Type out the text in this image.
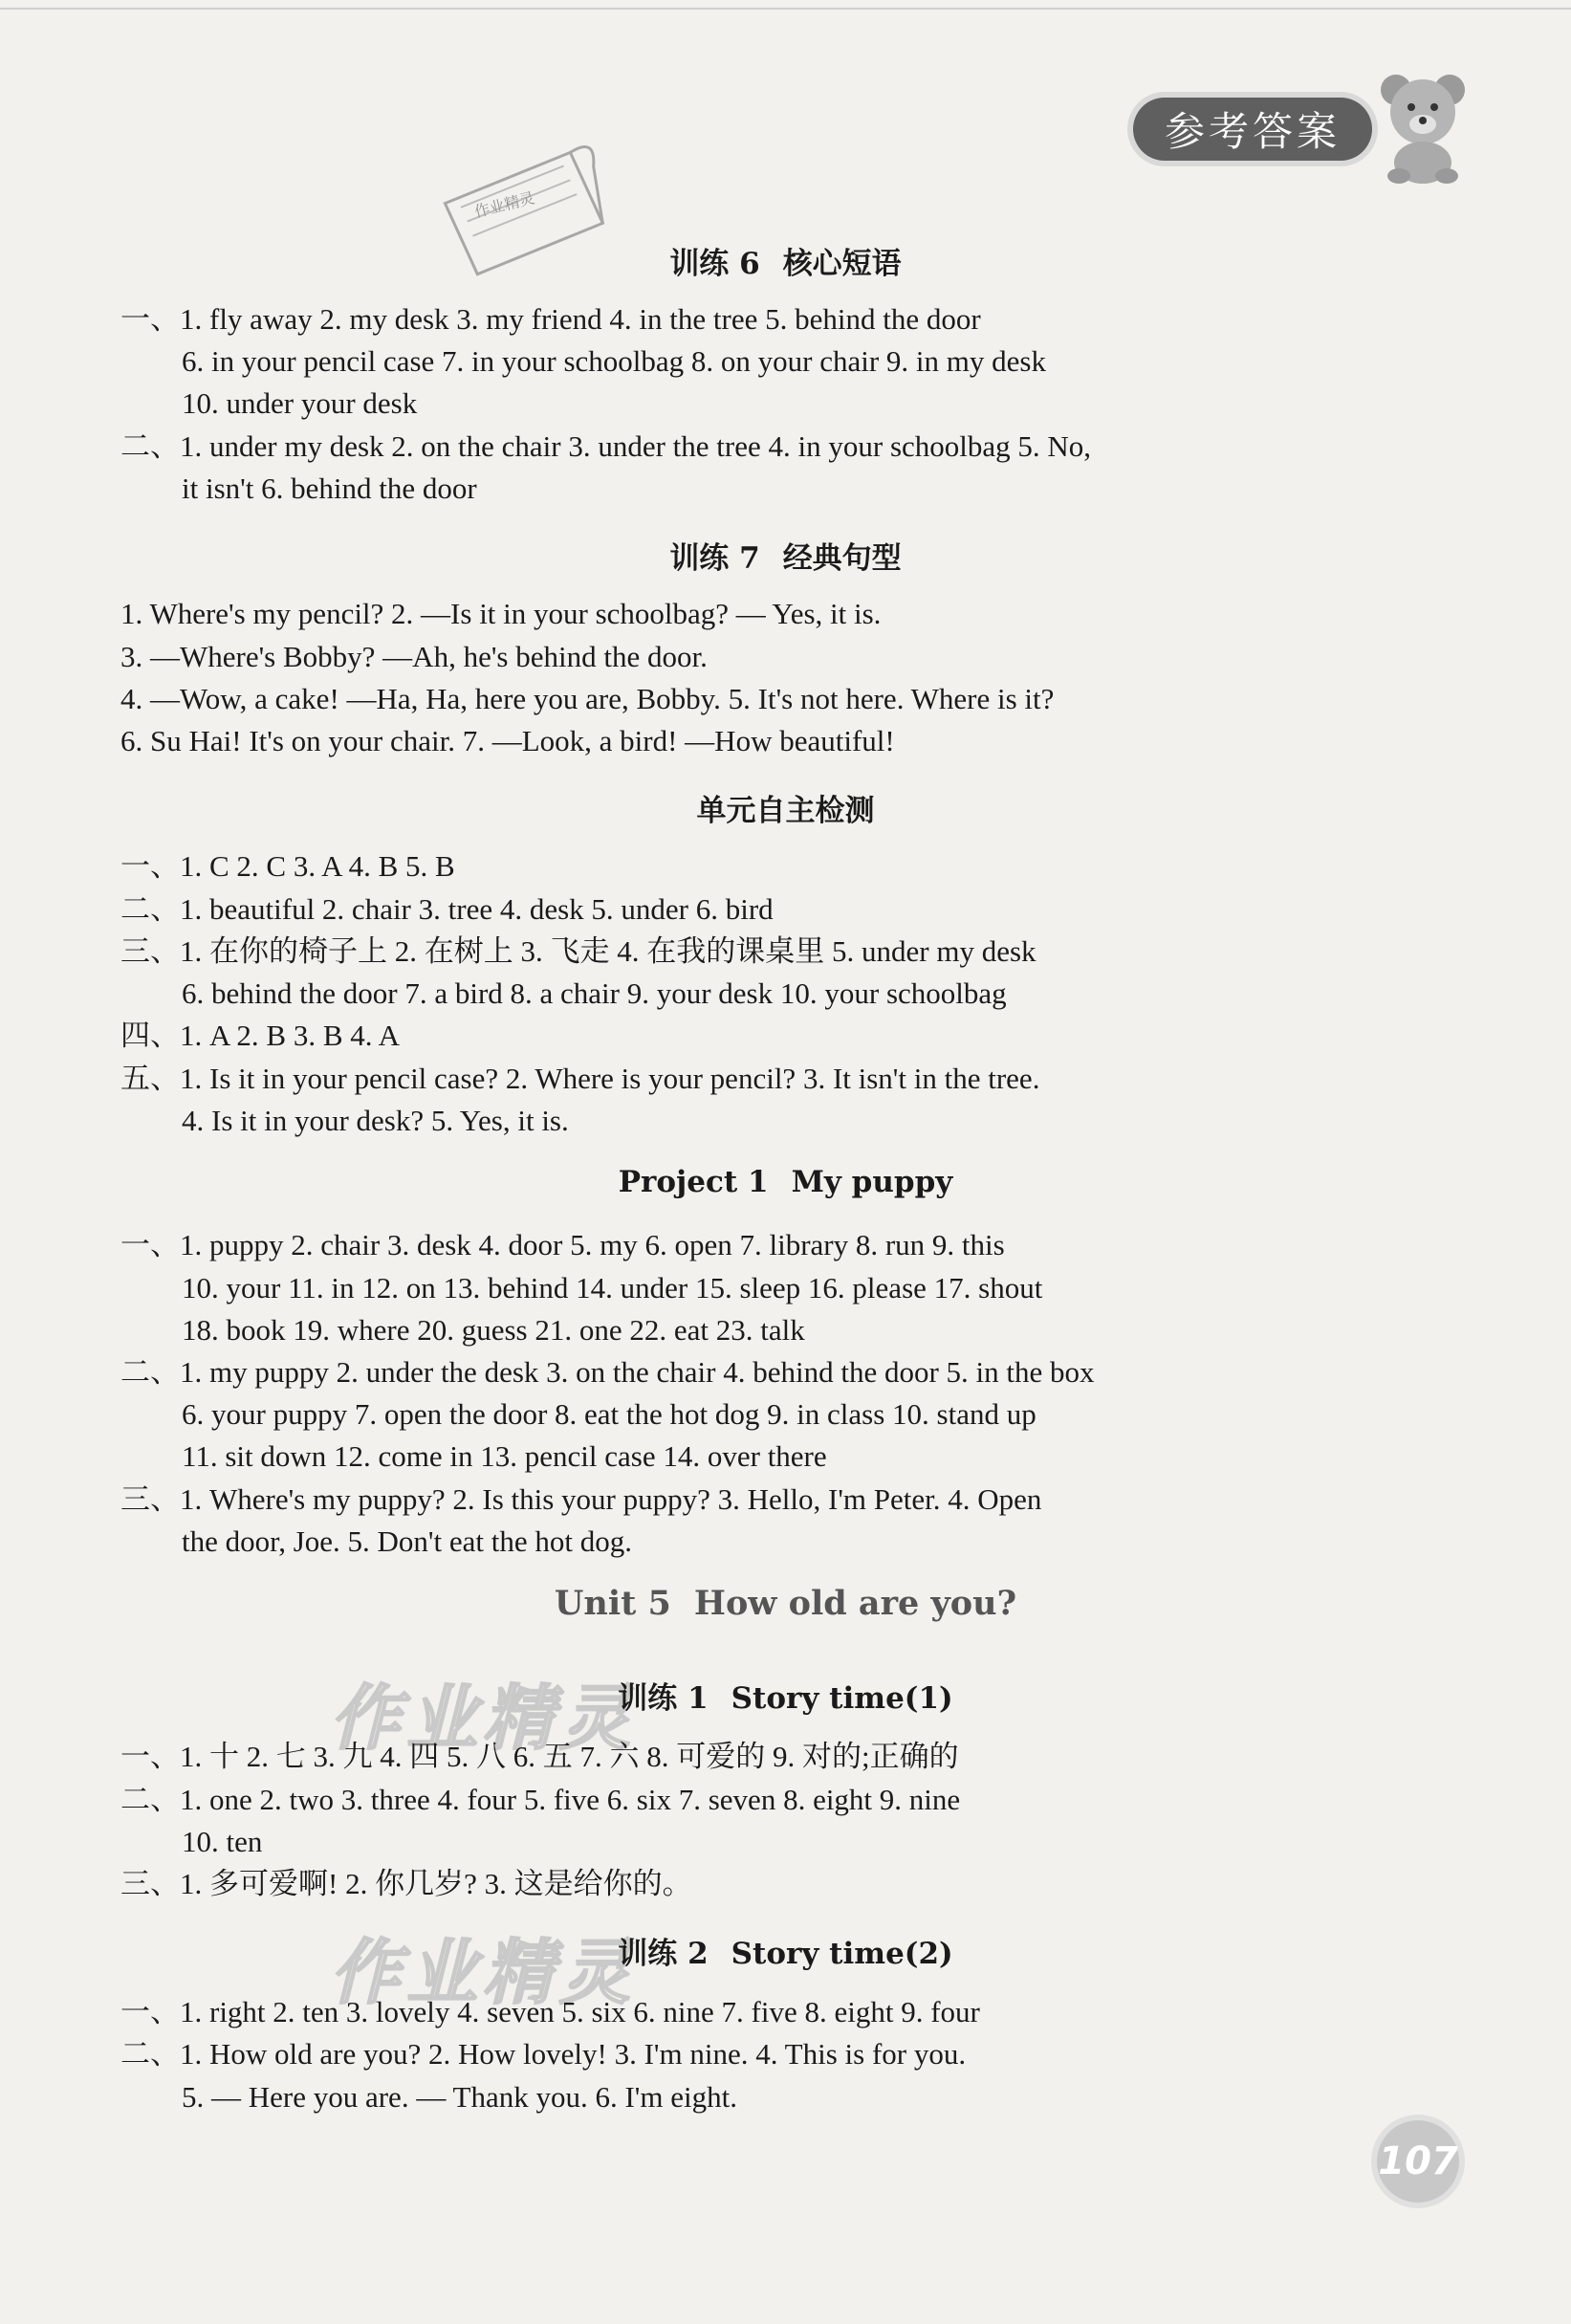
参考答案
作业精灵
作业精灵
作业精灵
训练 6 核心短语
一、1. fly away 2. my desk 3. my friend 4. in the tree 5. behind the door
6. in your pencil case 7. in your schoolbag 8. on your chair 9. in my desk
10. under your desk
二、1. under my desk 2. on the chair 3. under the tree 4. in your schoolbag 5. No,
it isn't 6. behind the door
训练 7 经典句型
1. Where's my pencil? 2. —Is it in your schoolbag? — Yes, it is.
3. —Where's Bobby? —Ah, he's behind the door.
4. —Wow, a cake! —Ha, Ha, here you are, Bobby. 5. It's not here. Where is it?
6. Su Hai! It's on your chair. 7. —Look, a bird! —How beautiful!
单元自主检测
一、1. C 2. C 3. A 4. B 5. B
二、1. beautiful 2. chair 3. tree 4. desk 5. under 6. bird
三、1. 在你的椅子上 2. 在树上 3. 飞走 4. 在我的课桌里 5. under my desk
6. behind the door 7. a bird 8. a chair 9. your desk 10. your schoolbag
四、1. A 2. B 3. B 4. A
五、1. Is it in your pencil case? 2. Where is your pencil? 3. It isn't in the tree.
4. Is it in your desk? 5. Yes, it is.
Project 1 My puppy
一、1. puppy 2. chair 3. desk 4. door 5. my 6. open 7. library 8. run 9. this
10. your 11. in 12. on 13. behind 14. under 15. sleep 16. please 17. shout
18. book 19. where 20. guess 21. one 22. eat 23. talk
二、1. my puppy 2. under the desk 3. on the chair 4. behind the door 5. in the box
6. your puppy 7. open the door 8. eat the hot dog 9. in class 10. stand up
11. sit down 12. come in 13. pencil case 14. over there
三、1. Where's my puppy? 2. Is this your puppy? 3. Hello, I'm Peter. 4. Open
the door, Joe. 5. Don't eat the hot dog.
Unit 5 How old are you?
训练 1 Story time(1)
一、1. 十 2. 七 3. 九 4. 四 5. 八 6. 五 7. 六 8. 可爱的 9. 对的;正确的
二、1. one 2. two 3. three 4. four 5. five 6. six 7. seven 8. eight 9. nine
10. ten
三、1. 多可爱啊! 2. 你几岁? 3. 这是给你的。
训练 2 Story time(2)
一、1. right 2. ten 3. lovely 4. seven 5. six 6. nine 7. five 8. eight 9. four
二、1. How old are you? 2. How lovely! 3. I'm nine. 4. This is for you.
5. — Here you are. — Thank you. 6. I'm eight.
107
